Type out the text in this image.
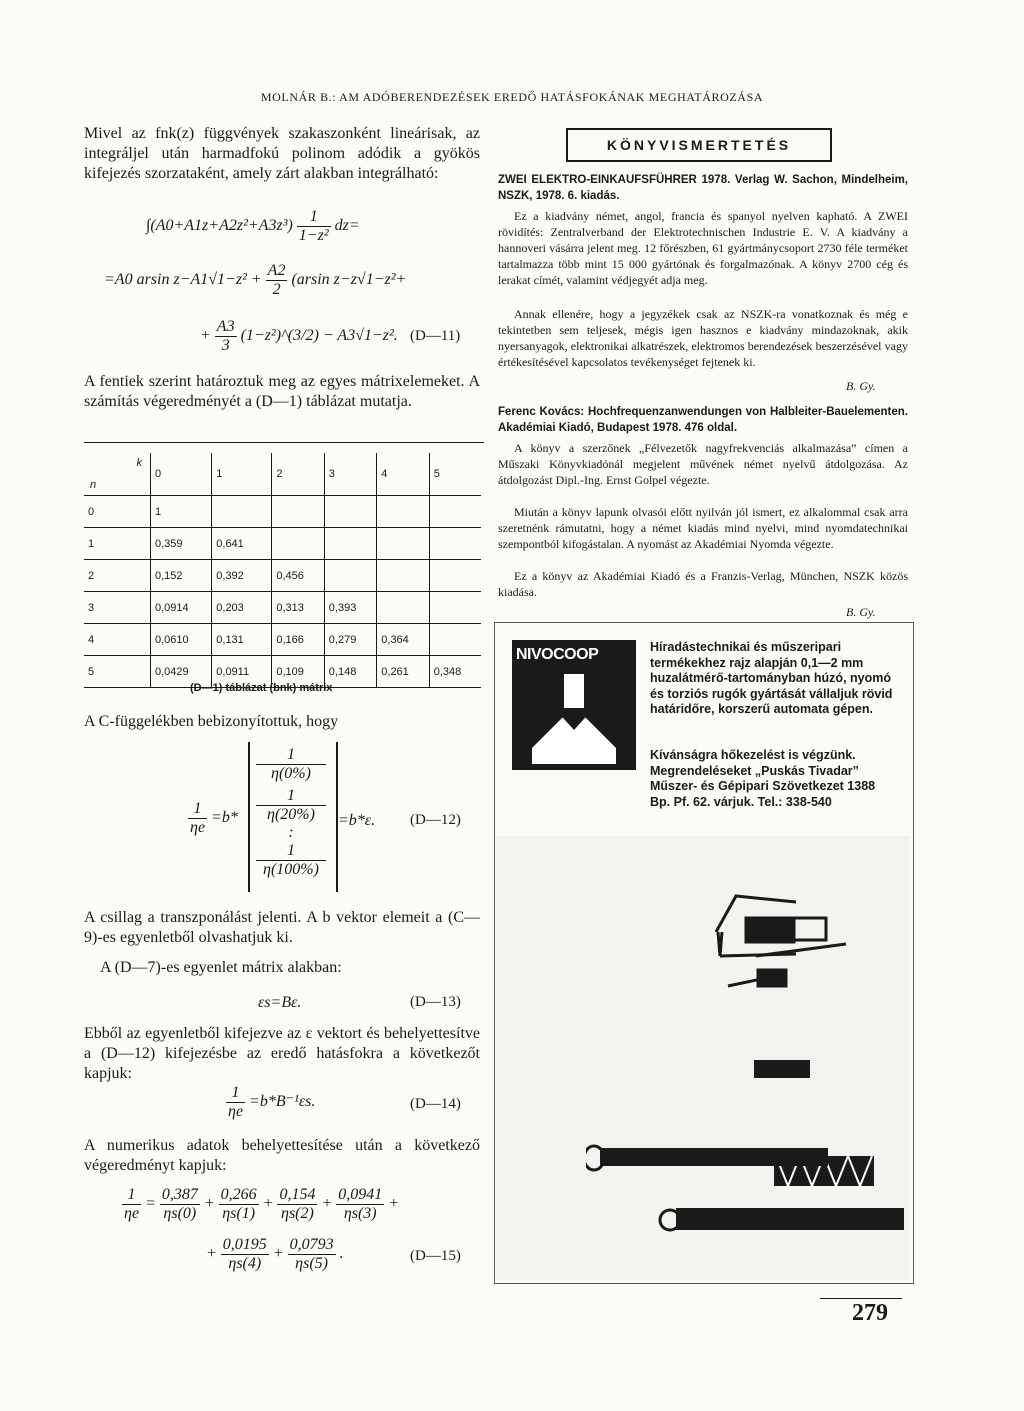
MOLNÁR B.: AM ADÓBERENDEZÉSEK EREDŐ HATÁSFOKÁNAK MEGHATÁROZÁSA

Mivel az fnk(z) függvények szakaszonként lineárisak, az integráljel után harmadfokú polinom adódik a gyökös kifejezés szorzataként, amely zárt alakban integrálható:

$\int(A0+A1z+A2z^2+A3z^3) \frac{1}{\text{1−z²}} dz=$
=A0 arsin $z-A1√1-z^2 + \frac{A2}{2} (arsin$ z−z√1−z²+
+ $\frac{A3}{3}$ (1−z²)^(3/2) − A3√1−z². (D—11)

A fentiek szerint határoztuk meg az egyes mátrixelemeket. A számítás végeredményét a (D—1) táblázat mutatja.

k
n	0	1	2	3	4	5
0	1					
1	0,359	0,641				
2	0,152	0,392	0,456			
3	0,0914	0,203	0,313	0,393		
4	0,0610	0,131	0,166	0,279	0,364	
5	0,0429	0,0911	0,109	0,148	0,261	0,348
(D—1) táblázat (bnk) mátrix

A C-függelékben bebizonyítottuk, hogy

$\frac{1}{\eta e} =b*$
1
η(0%)
1
η(20%)
:
1
η(100%)
=b*ε. (D—12)

A csillag a transzponálást jelenti. A b vektor elemeit a (C—9)-es egyenletből olvashatjuk ki.

A (D—7)-es egyenlet mátrix alakban:

εs=Bε.	(D—13)

Ebből az egyenletből kifejezve az ε vektort és behelyettesítve a (D—12) kifejezésbe az eredő hatásfokra a következőt kapjuk:

$\frac{1}{\eta e} =b*B^{-1}\varepsilon s$.	(D—14)

A numerikus adatok behelyettesítése után a következő végeredményt kapjuk:

$\frac{1}{\eta e} = \frac{0,387}{\eta s(0)} + \frac{0,266}{\eta s(1)} + \frac{0,154}{\eta s(2)} + \frac{0,0941}{\eta s(3)}$ +
+ $\frac{0,0195}{\eta s(4)} + \frac{0,0793}{\eta s(5)}$ .	(D—15)
KÖNYVISMERTETÉS

ZWEI ELEKTRO-EINKAUFSFÜHRER 1978. Verlag W. Sachon, Mindelheim, NSZK, 1978. 6. kiadás.

Ez a kiadvány német, angol, francia és spanyol nyelven kapható. A ZWEI rövidítés: Zentralverband der Elektrotechnischen Industrie E. V. A kiadvány a hannoveri vásárra jelent meg. 12 főrészben, 61 gyártmánycsoport 2730 féle terméket tartalmazza több mint 15 000 gyártónak és forgalmazónak. A könyv 2700 cég és lerakat címét, valamint védjegyét adja meg.

Annak ellenére, hogy a jegyzékek csak az NSZK-ra vonatkoznak és még e tekintetben sem teljesek, mégis igen hasznos e kiadvány mindazoknak, akik nyersanyagok, elektronikai alkatrészek, elektromos berendezések beszerzésével vagy értékesítésével kapcsolatos tevékenységet fejtenek ki.

B. Gy.

Ferenc Kovács: Hochfrequenzanwendungen von Halbleiter-Bauelementen. Akadémiai Kiadó, Budapest 1978. 476 oldal.

A könyv a szerzőnek „Félvezetők nagyfrekvenciás alkalmazása” címen a Műszaki Könyvkiadónál megjelent művének német nyelvű átdolgozása. Az átdolgozást Dipl.-Ing. Ernst Golpel végezte.

Miután a könyv lapunk olvasói előtt nyilván jól ismert, ez alkalommal csak arra szeretnénk rámutatni, hogy a német kiadás mind nyelvi, mind nyomdatechnikai szempontból kifogástalan. A nyomást az Akadémiai Nyomda végezte.

Ez a könyv az Akadémiai Kiadó és a Franzis-Verlag, München, NSZK közös kiadása.

B. Gy.
NIVOCOOP	Híradástechnikai és műszeripari termékekhez rajz alapján 0,1—2 mm huzalátmérő-tartományban húzó, nyomó és torziós rugók gyártását vállaljuk rövid határidőre, korszerű automata gépen.
Kívánságra hőkezelést is végzünk. Megrendeléseket „Puskás Tivadar” Műszer- és Gépipari Szövetkezet 1388 Bp. Pf. 62. várjuk. Tel.: 338-540
279
